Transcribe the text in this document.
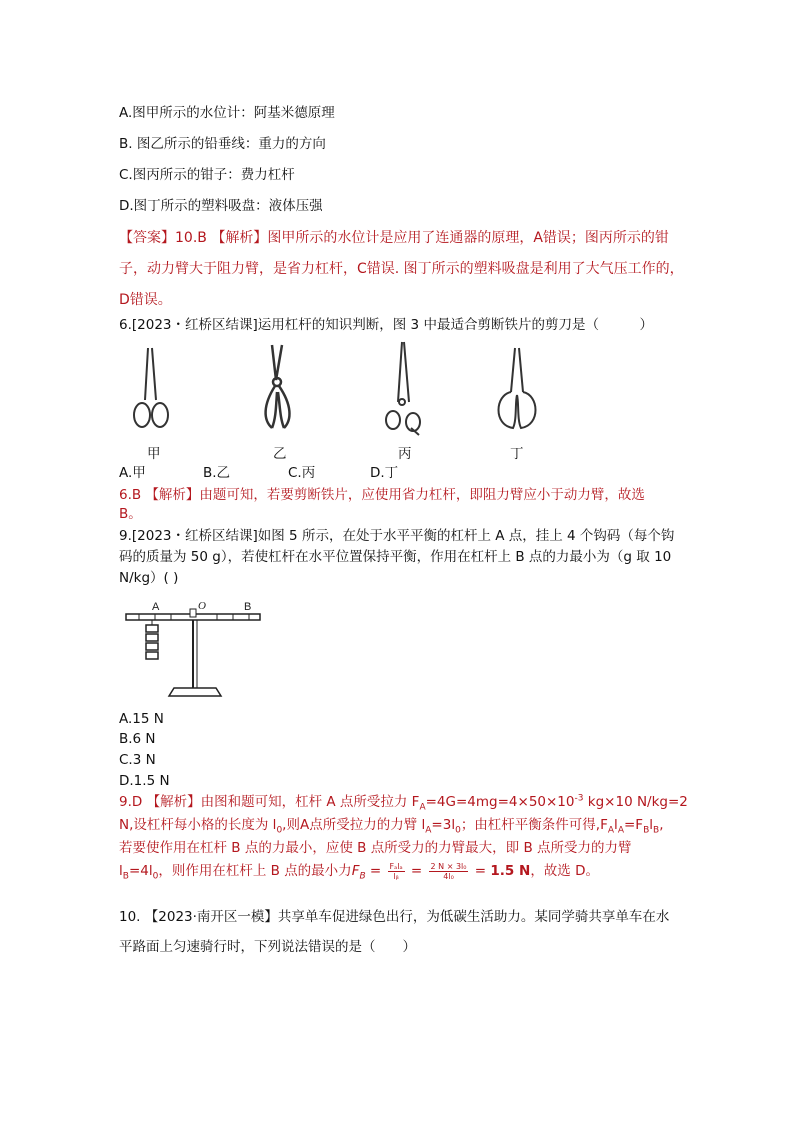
A.图甲所示的水位计：阿基米德原理
B. 图乙所示的铅垂线：重力的方向
C.图丙所示的钳子：费力杠杆
D.图丁所示的塑料吸盘：液体压强
【答案】10.B 【解析】图甲所示的水位计是应用了连通器的原理，A错误；图丙所示的钳
子，动力臂大于阻力臂，是省力杠杆，C错误. 图丁所示的塑料吸盘是利用了大气压工作的，
D错误。
6.[2023・红桥区结课]运用杠杆的知识判断，图 3 中最适合剪断铁片的剪刀是（　　　）
甲	乙	丙	丁
A.甲	B.乙	C.丙	D.丁
6.B 【解析】由题可知，若要剪断铁片，应使用省力杠杆，即阻力臂应小于动力臂，故选
B。
9.[2023・红桥区结课]如图 5 所示，在处于水平平衡的杠杆上 A 点，挂上 4 个钩码（每个钩
码的质量为 50 g），若使杠杆在水平位置保持平衡，作用在杠杆上 B 点的力最小为（g 取 10
N/kg）( )
A	O	B
A.15 N
B.6 N
C.3 N
D.1.5 N
9.D 【解析】由图和题可知，杠杆 A 点所受拉力 $F_A=4G=4mg=4\times 50\times 10^{-3}$ kg×10 N/kg=2
N,设杠杆每小格的长度为 $l_0$,则A点所受拉力的力臂 $l_A=3l_0$；由杠杆平衡条件可得$,F_Al_A=F_Bl_B$,
若要使作用在杠杆 B 点的力最小，应使 B 点所受力的力臂最大，即 B 点所受力的力臂
$l_B=4l_0$，则作用在杠杆上 B 点的最小力$F_B = \frac{\text{Fₐlₐ}}{\text{lᵦ}} = \frac{\text{2 N × 3l₀}}{\text{4l₀}} = 1.5$ N，故选 D。
10. 【2023·南开区一模】共享单车促进绿色出行，为低碳生活助力。某同学骑共享单车在水
平路面上匀速骑行时，下列说法错误的是（　　）
